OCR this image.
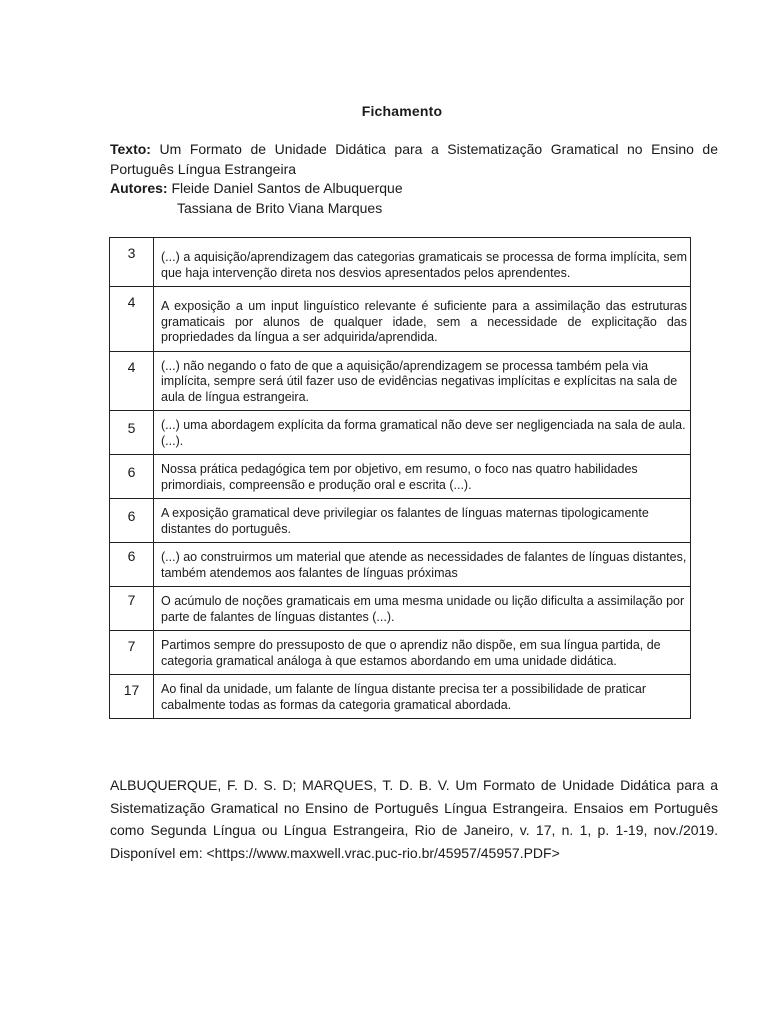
Fichamento
Texto: Um Formato de Unidade Didática para a Sistematização Gramatical no Ensino de Português Língua Estrangeira
Autores: Fleide Daniel Santos de Albuquerque
Tassiana de Brito Viana Marques
3	(...) a aquisição/aprendizagem das categorias gramaticais se processa de forma implícita, sem que haja intervenção direta nos desvios apresentados pelos aprendentes.
4	A exposição a um input linguístico relevante é suficiente para a assimilação das estruturas gramaticais por alunos de qualquer idade, sem a necessidade de explicitação das propriedades da língua a ser adquirida/aprendida.
4	(...) não negando o fato de que a aquisição/aprendizagem se processa também pela via implícita, sempre será útil fazer uso de evidências negativas implícitas e explícitas na sala de aula de língua estrangeira.
5	(...) uma abordagem explícita da forma gramatical não deve ser negligenciada na sala de aula. (...).
6	Nossa prática pedagógica tem por objetivo, em resumo, o foco nas quatro habilidades primordiais, compreensão e produção oral e escrita (...).
6	A exposição gramatical deve privilegiar os falantes de línguas maternas tipologicamente distantes do português.
6	(...) ao construirmos um material que atende as necessidades de falantes de línguas distantes, também atendemos aos falantes de línguas próximas
7	O acúmulo de noções gramaticais em uma mesma unidade ou lição dificulta a assimilação por parte de falantes de línguas distantes (...).
7	Partimos sempre do pressuposto de que o aprendiz não dispõe, em sua língua partida, de categoria gramatical análoga à que estamos abordando em uma unidade didática.
17	Ao final da unidade, um falante de língua distante precisa ter a possibilidade de praticar cabalmente todas as formas da categoria gramatical abordada.
ALBUQUERQUE, F. D. S. D; MARQUES, T. D. B. V. Um Formato de Unidade Didática para a Sistematização Gramatical no Ensino de Português Língua Estrangeira. Ensaios em Português como Segunda Língua ou Língua Estrangeira, Rio de Janeiro, v. 17, n. 1, p. 1-19, nov./2019. Disponível em: <https://www.maxwell.vrac.puc-rio.br/45957/45957.PDF>
